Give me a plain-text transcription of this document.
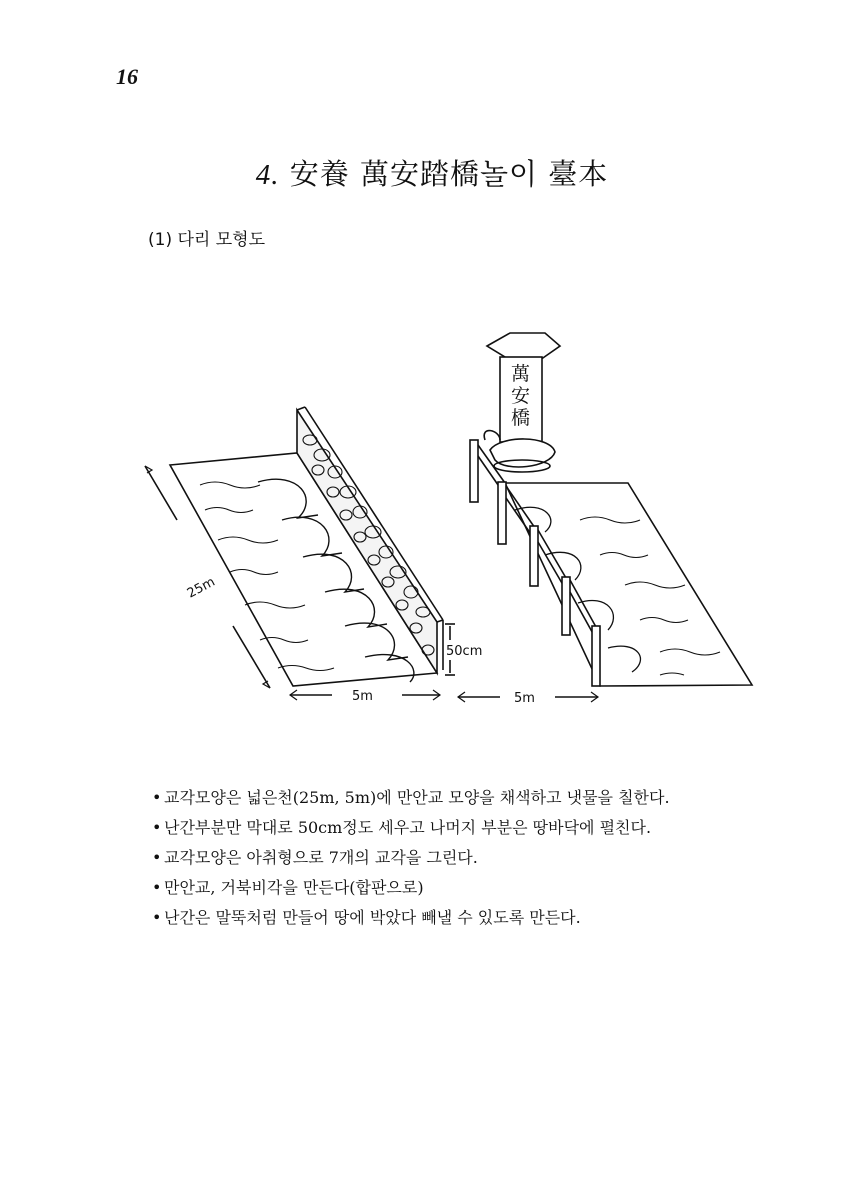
16
4. 安養 萬安踏橋놀이 臺本
(1) 다리 모형도
25m
50cm
5m	5m
萬
安
橋
• 교각모양은 넓은천(25m, 5m)에 만안교 모양을 채색하고 냇물을 칠한다.
• 난간부분만 막대로 50cm정도 세우고 나머지 부분은 땅바닥에 펼친다.
• 교각모양은 아취형으로 7개의 교각을 그린다.
• 만안교, 거북비각을 만든다(합판으로)
• 난간은 말뚝처럼 만들어 땅에 박았다 빼낼 수 있도록 만든다.
